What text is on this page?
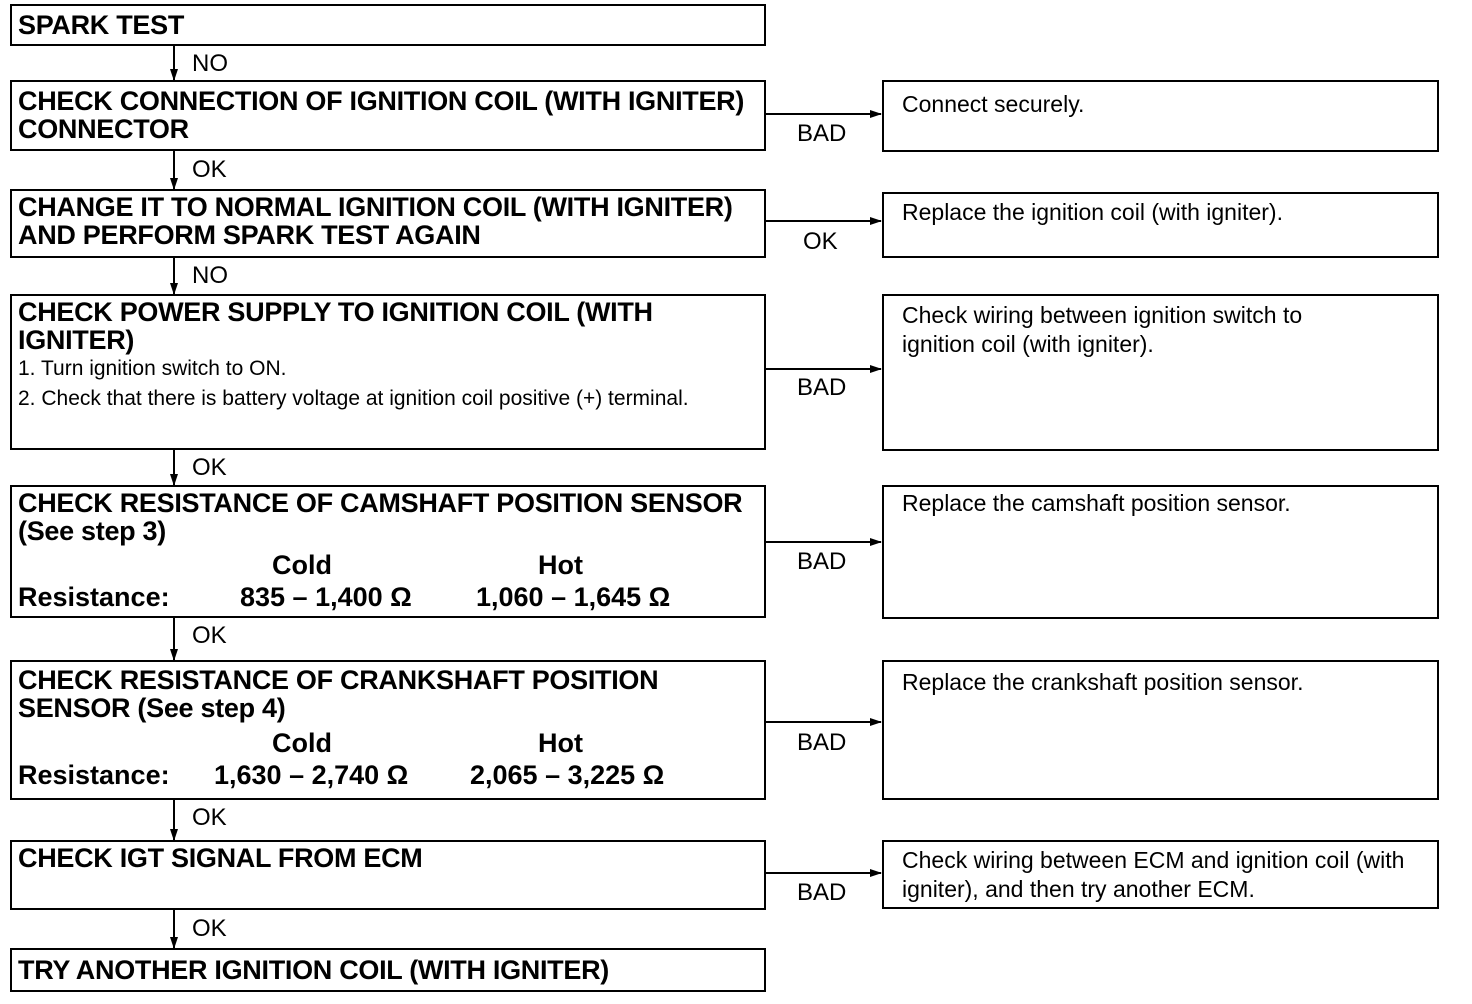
SPARK TEST
CHECK CONNECTION OF IGNITION COIL (WITH IGNITER) CONNECTOR
CHANGE IT TO NORMAL IGNITION COIL (WITH IGNITER) AND PERFORM SPARK TEST AGAIN
CHECK POWER SUPPLY TO IGNITION COIL (WITH IGNITER)
1. Turn ignition switch to ON.
2. Check that there is battery voltage at ignition coil positive (+) terminal.
CHECK RESISTANCE OF CAMSHAFT POSITION SENSOR (See step 3)
Cold	Hot
Resistance:	835 – 1,400 Ω 1,060 – 1,645 Ω
CHECK RESISTANCE OF CRANKSHAFT POSITION SENSOR (See step 4)
Cold	Hot
Resistance: 1,630 – 2,740 Ω 2,065 – 3,225 Ω
CHECK IGT SIGNAL FROM ECM
TRY ANOTHER IGNITION COIL (WITH IGNITER)
Connect securely.
Replace the ignition coil (with igniter).
Check wiring between ignition switch to ignition coil (with igniter).
Replace the camshaft position sensor.
Replace the crankshaft position sensor.
Check wiring between ECM and ignition coil (with igniter), and then try another ECM.
NO
OK
NO
OK
OK
OK
OK
BAD
OK
BAD
BAD
BAD
BAD
